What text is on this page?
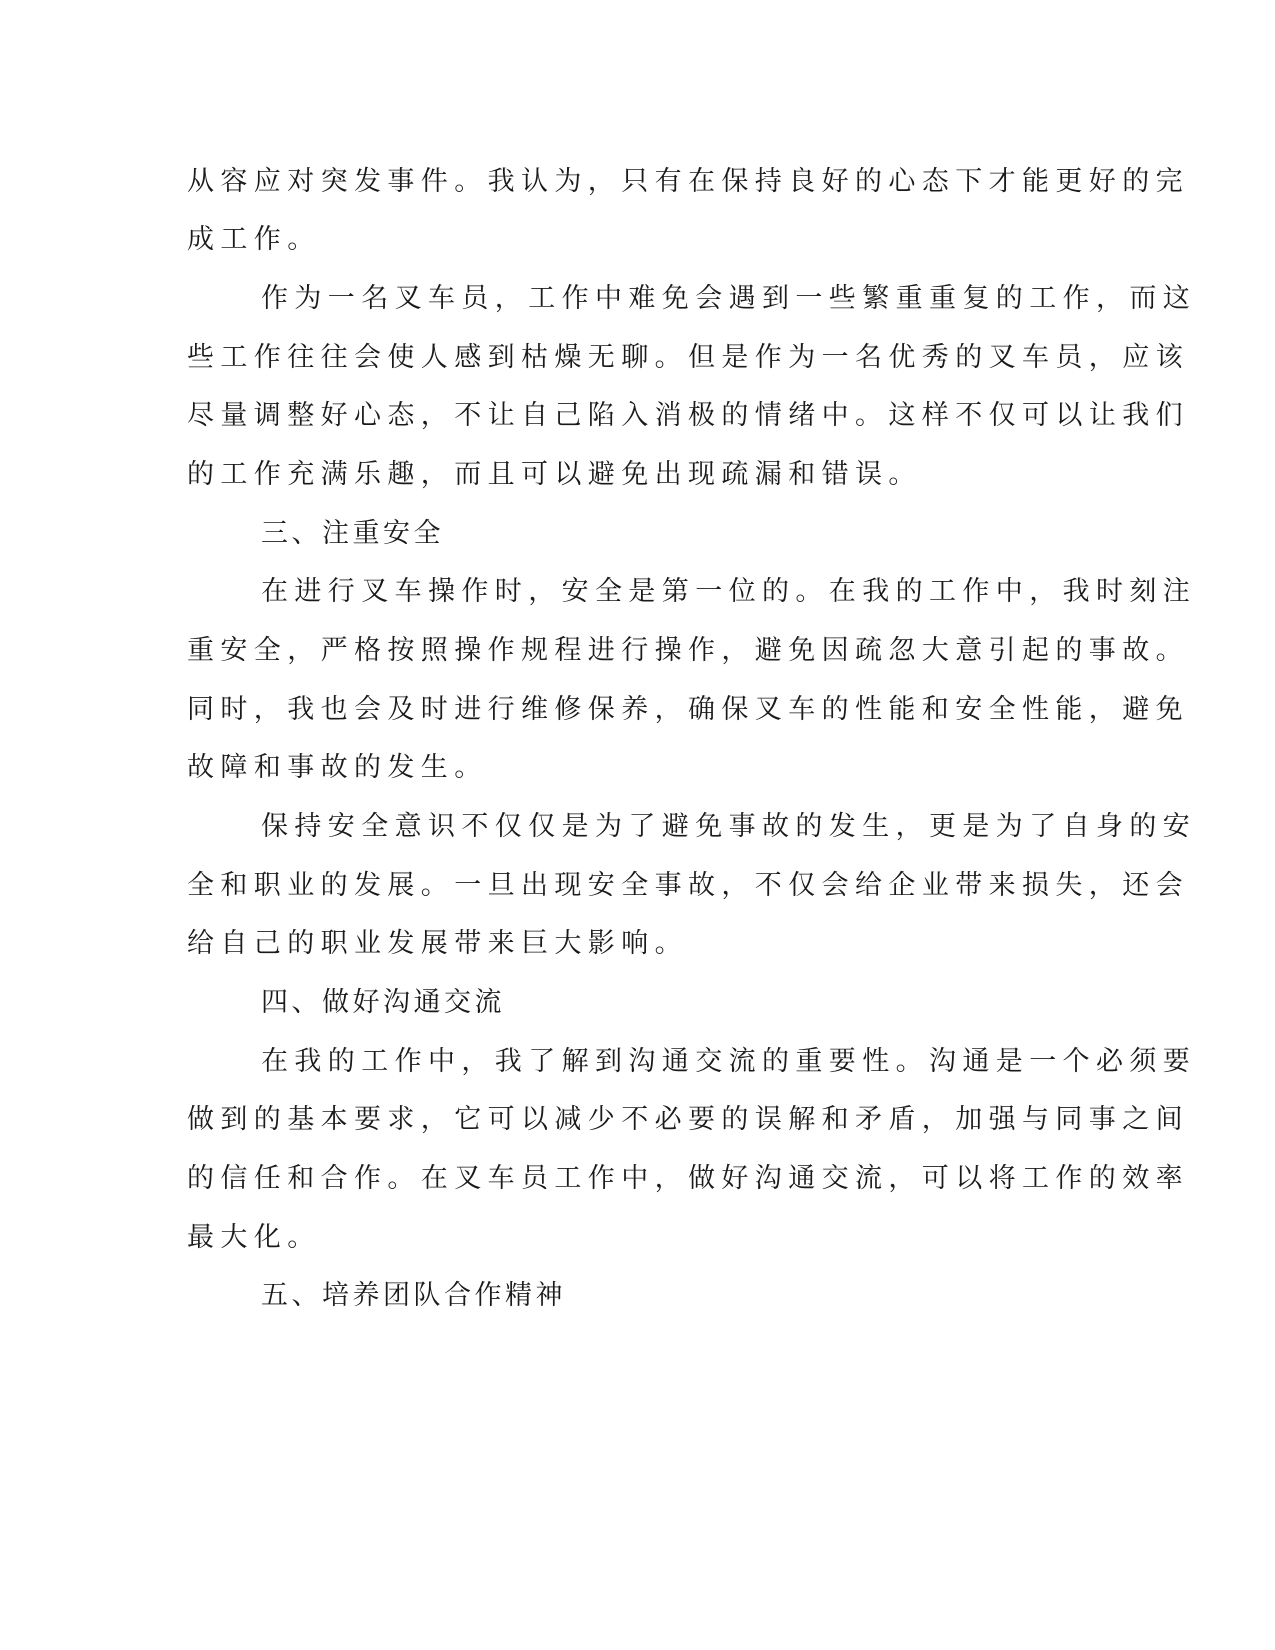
从容应对突发事件。我认为，只有在保持良好的心态下才能更好的完
成工作。
作为一名叉车员，工作中难免会遇到一些繁重重复的工作，而这
些工作往往会使人感到枯燥无聊。但是作为一名优秀的叉车员，应该
尽量调整好心态，不让自己陷入消极的情绪中。这样不仅可以让我们
的工作充满乐趣，而且可以避免出现疏漏和错误。
三、注重安全
在进行叉车操作时，安全是第一位的。在我的工作中，我时刻注
重安全，严格按照操作规程进行操作，避免因疏忽大意引起的事故。
同时，我也会及时进行维修保养，确保叉车的性能和安全性能，避免
故障和事故的发生。
保持安全意识不仅仅是为了避免事故的发生，更是为了自身的安
全和职业的发展。一旦出现安全事故，不仅会给企业带来损失，还会
给自己的职业发展带来巨大影响。
四、做好沟通交流
在我的工作中，我了解到沟通交流的重要性。沟通是一个必须要
做到的基本要求，它可以减少不必要的误解和矛盾，加强与同事之间
的信任和合作。在叉车员工作中，做好沟通交流，可以将工作的效率
最大化。
五、培养团队合作精神
